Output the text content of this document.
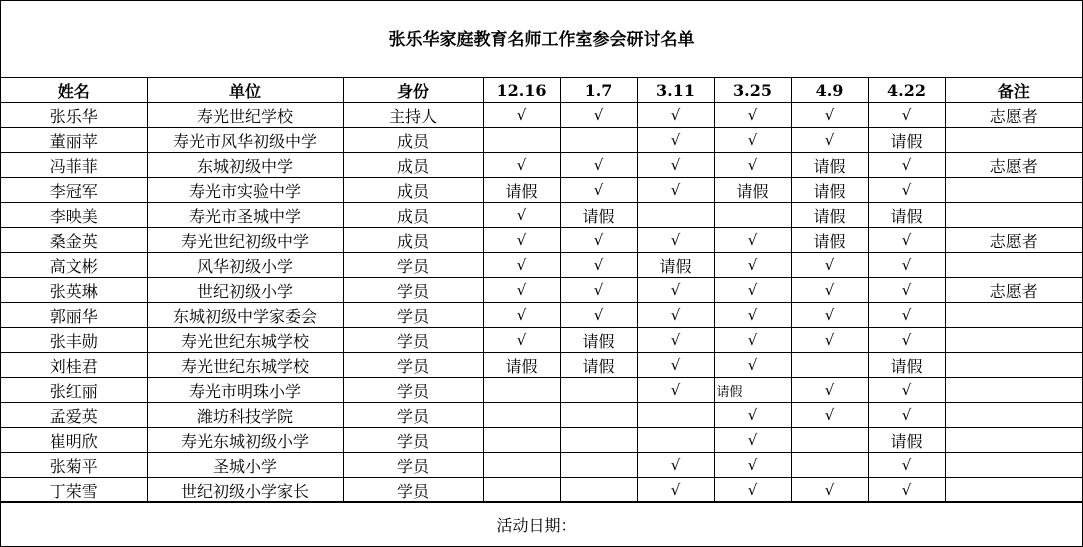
张乐华家庭教育名师工作室参会研讨名单
姓名	单位	身份	12.16	1.7	3.11	3.25	4.9	4.22	备注
张乐华	寿光世纪学校	主持人	√	√	√	√	√	√	志愿者
董丽苹	寿光市风华初级中学	成员			√	√	√	请假	
冯菲菲	东城初级中学	成员	√	√	√	√	请假	√	志愿者
李冠军	寿光市实验中学	成员	请假	√	√	请假	请假	√	
李映美	寿光市圣城中学	成员	√	请假			请假	请假	
桑金英	寿光世纪初级中学	成员	√	√	√	√	请假	√	志愿者
高文彬	风华初级小学	学员	√	√	请假	√	√	√	
张英琳	世纪初级小学	学员	√	√	√	√	√	√	志愿者
郭丽华	东城初级中学家委会	学员	√	√	√	√	√	√	
张丰勋	寿光世纪东城学校	学员	√	请假	√	√	√	√	
刘桂君	寿光世纪东城学校	学员	请假	请假	√	√		请假	
张红丽	寿光市明珠小学	学员			√	请假	√	√	
孟爱英	潍坊科技学院	学员				√	√	√	
崔明欣	寿光东城初级小学	学员				√		请假	
张菊平	圣城小学	学员			√	√		√	
丁荣雪	世纪初级小学家长	学员			√	√	√	√	
活动日期：
